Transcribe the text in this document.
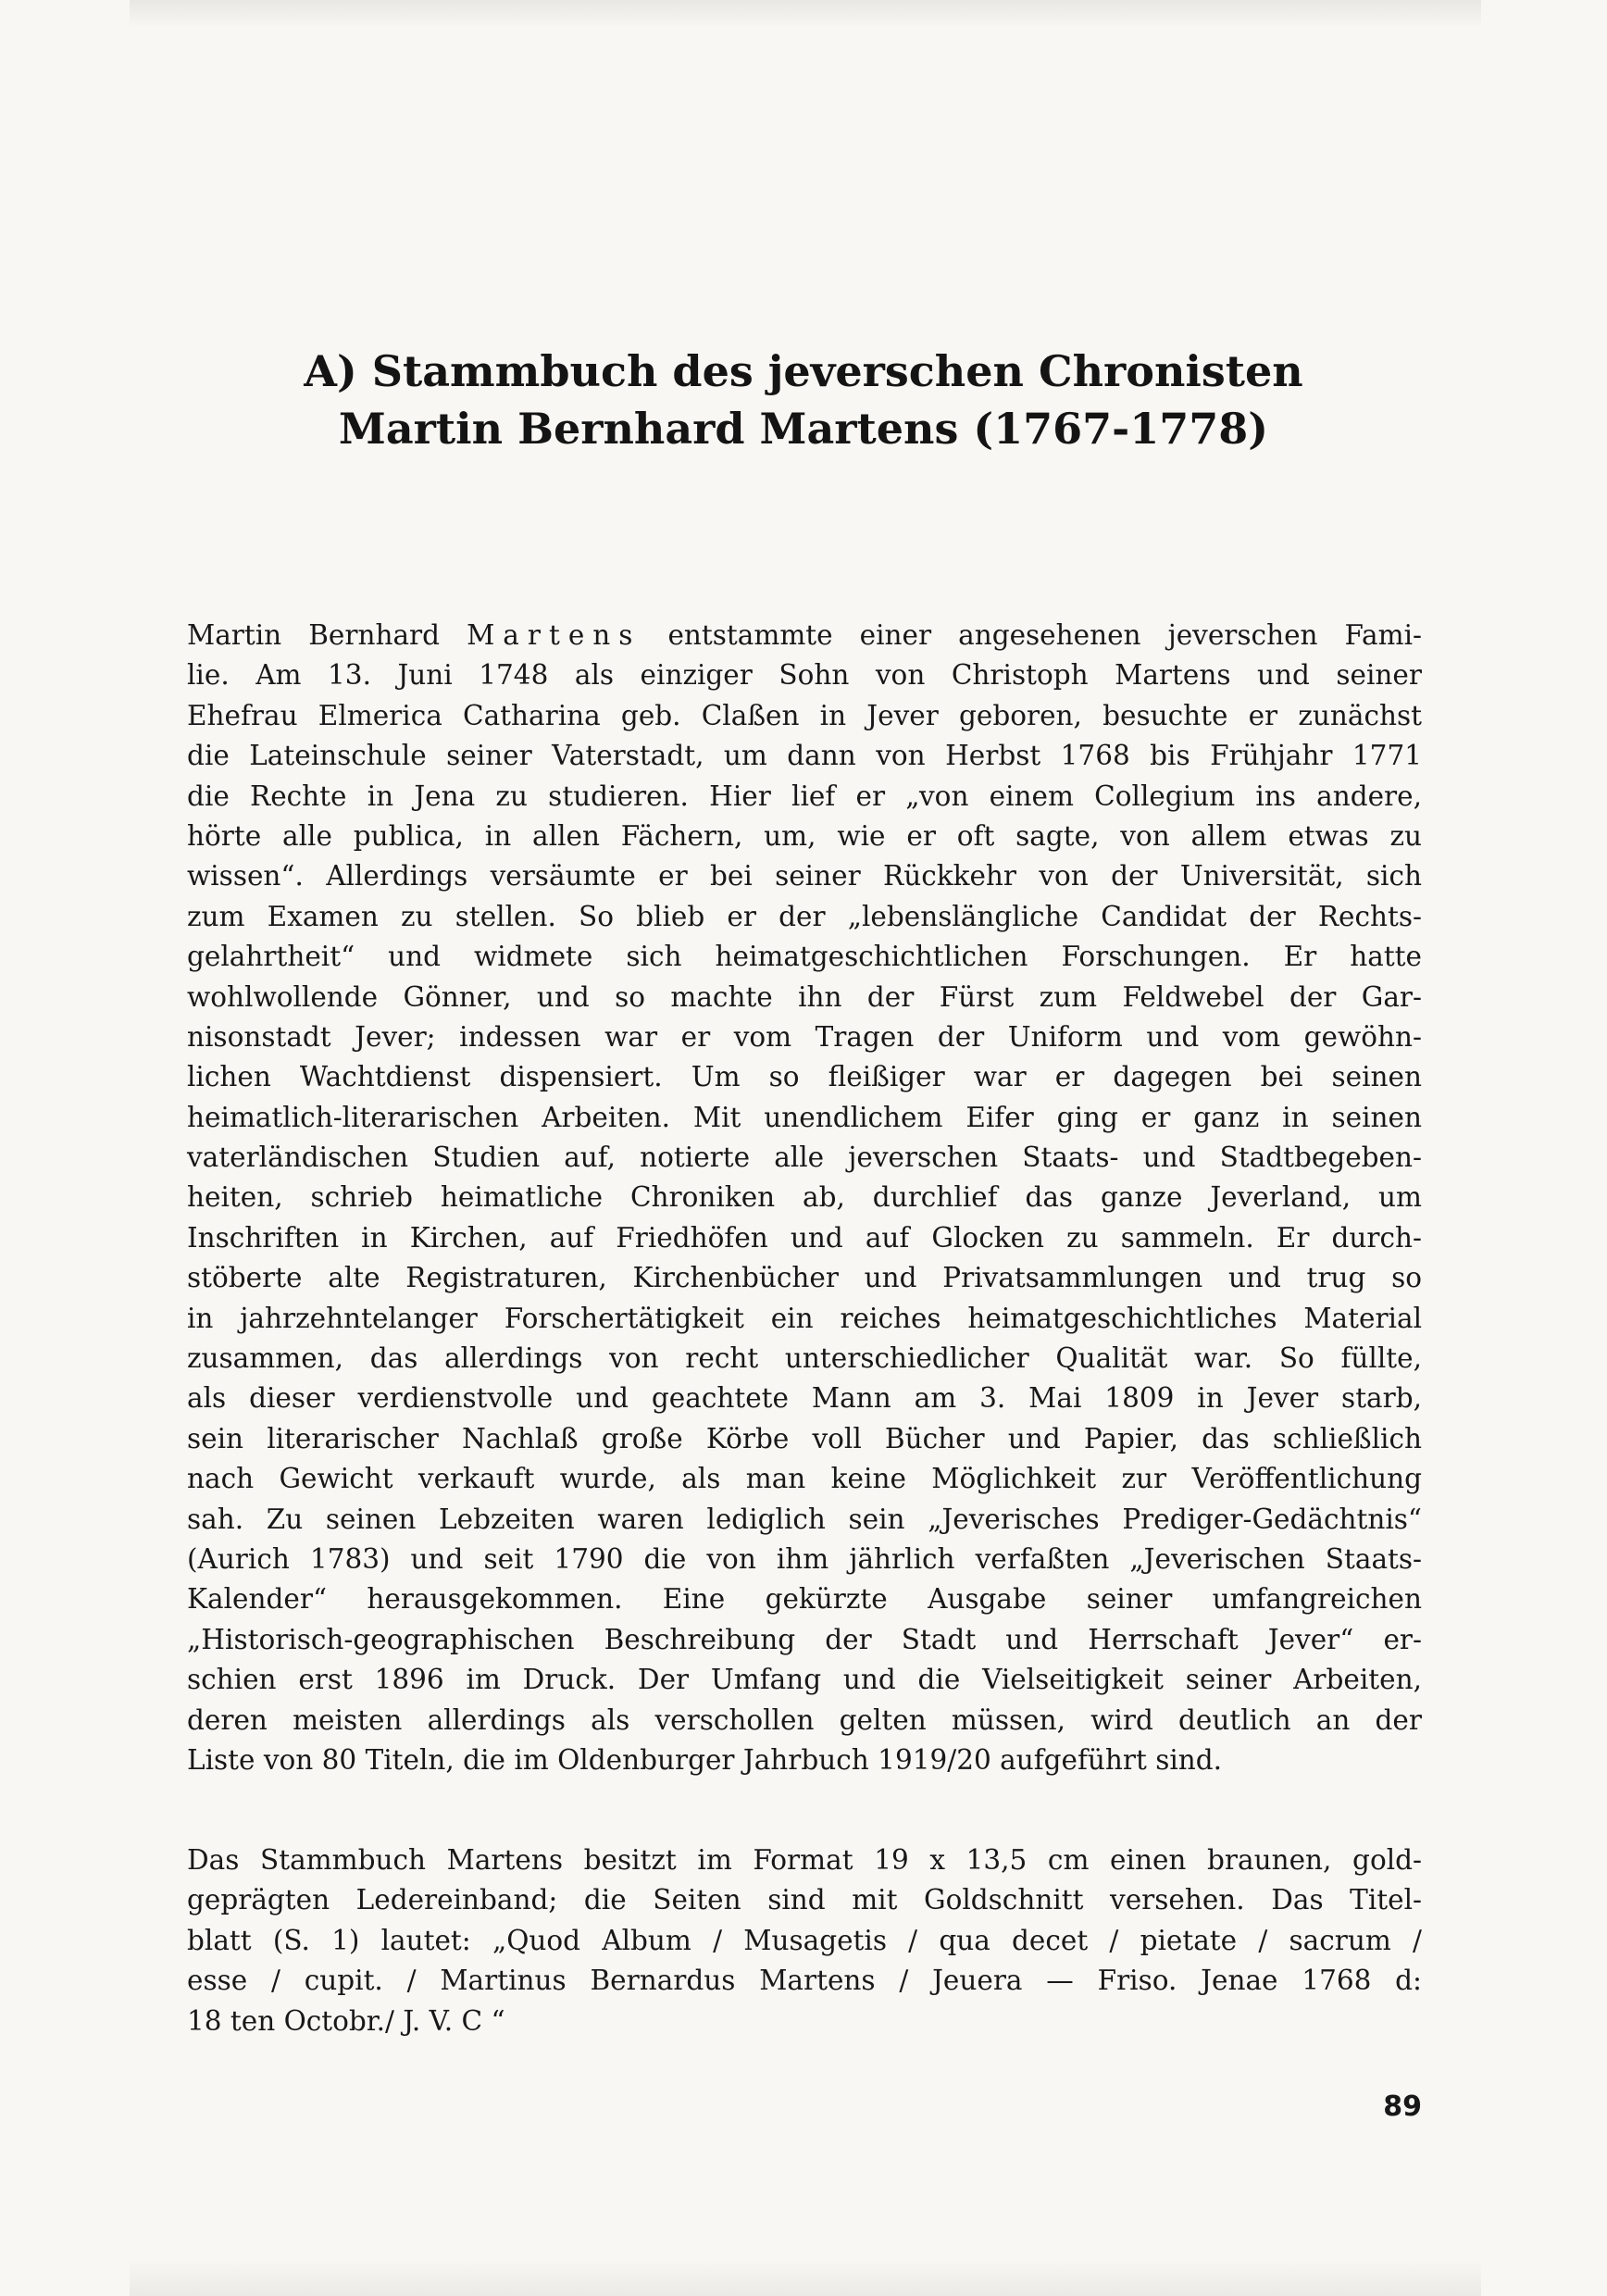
A) Stammbuch des jeverschen Chronisten
Martin Bernhard Martens (1767-1778)
Martin Bernhard Martens entstammte einer angesehenen jeverschen Fami-
lie. Am 13. Juni 1748 als einziger Sohn von Christoph Martens und seiner
Ehefrau Elmerica Catharina geb. Claßen in Jever geboren, besuchte er zunächst
die Lateinschule seiner Vaterstadt, um dann von Herbst 1768 bis Frühjahr 1771
die Rechte in Jena zu studieren. Hier lief er „von einem Collegium ins andere,
hörte alle publica, in allen Fächern, um, wie er oft sagte, von allem etwas zu
wissen“. Allerdings versäumte er bei seiner Rückkehr von der Universität, sich
zum Examen zu stellen. So blieb er der „lebenslängliche Candidat der Rechts-
gelahrtheit“ und widmete sich heimatgeschichtlichen Forschungen. Er hatte
wohlwollende Gönner, und so machte ihn der Fürst zum Feldwebel der Gar-
nisonstadt Jever; indessen war er vom Tragen der Uniform und vom gewöhn-
lichen Wachtdienst dispensiert. Um so fleißiger war er dagegen bei seinen
heimatlich-literarischen Arbeiten. Mit unendlichem Eifer ging er ganz in seinen
vaterländischen Studien auf, notierte alle jeverschen Staats- und Stadtbegeben-
heiten, schrieb heimatliche Chroniken ab, durchlief das ganze Jeverland, um
Inschriften in Kirchen, auf Friedhöfen und auf Glocken zu sammeln. Er durch-
stöberte alte Registraturen, Kirchenbücher und Privatsammlungen und trug so
in jahrzehntelanger Forschertätigkeit ein reiches heimatgeschichtliches Material
zusammen, das allerdings von recht unterschiedlicher Qualität war. So füllte,
als dieser verdienstvolle und geachtete Mann am 3. Mai 1809 in Jever starb,
sein literarischer Nachlaß große Körbe voll Bücher und Papier, das schließlich
nach Gewicht verkauft wurde, als man keine Möglichkeit zur Veröffentlichung
sah. Zu seinen Lebzeiten waren lediglich sein „Jeverisches Prediger-Gedächtnis“
(Aurich 1783) und seit 1790 die von ihm jährlich verfaßten „Jeverischen Staats-
Kalender“ herausgekommen. Eine gekürzte Ausgabe seiner umfangreichen
„Historisch-geographischen Beschreibung der Stadt und Herrschaft Jever“ er-
schien erst 1896 im Druck. Der Umfang und die Vielseitigkeit seiner Arbeiten,
deren meisten allerdings als verschollen gelten müssen, wird deutlich an der
Liste von 80 Titeln, die im Oldenburger Jahrbuch 1919/20 aufgeführt sind.
Das Stammbuch Martens besitzt im Format 19 x 13,5 cm einen braunen, gold-
geprägten Ledereinband; die Seiten sind mit Goldschnitt versehen. Das Titel-
blatt (S. 1) lautet: „Quod Album / Musagetis / qua decet / pietate / sacrum /
esse / cupit. / Martinus Bernardus Martens / Jeuera — Friso. Jenae 1768 d:
18 ten Octobr./ J. V. C “
89
